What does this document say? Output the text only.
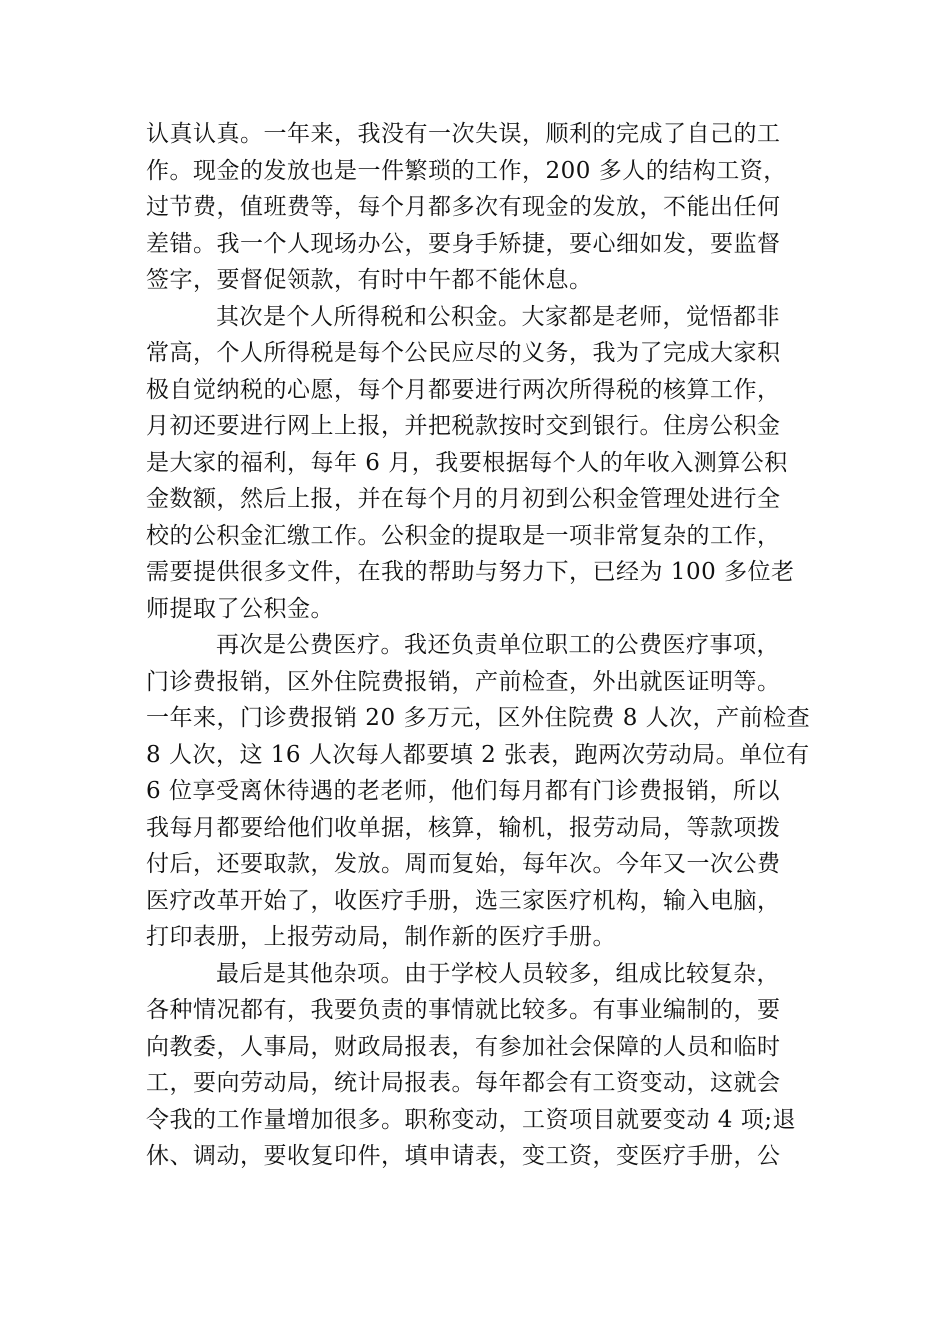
认真认真。一年来，我没有一次失误，顺利的完成了自己的工
作。现金的发放也是一件繁琐的工作，200 多人的结构工资，
过节费，值班费等，每个月都多次有现金的发放，不能出任何
差错。我一个人现场办公，要身手矫捷，要心细如发，要监督
签字，要督促领款，有时中午都不能休息。
其次是个人所得税和公积金。大家都是老师，觉悟都非
常高，个人所得税是每个公民应尽的义务，我为了完成大家积
极自觉纳税的心愿，每个月都要进行两次所得税的核算工作，
月初还要进行网上上报，并把税款按时交到银行。住房公积金
是大家的福利，每年 6 月，我要根据每个人的年收入测算公积
金数额，然后上报，并在每个月的月初到公积金管理处进行全
校的公积金汇缴工作。公积金的提取是一项非常复杂的工作，
需要提供很多文件，在我的帮助与努力下，已经为 100 多位老
师提取了公积金。
再次是公费医疗。我还负责单位职工的公费医疗事项，
门诊费报销，区外住院费报销，产前检查，外出就医证明等。
一年来，门诊费报销 20 多万元，区外住院费 8 人次，产前检查
8 人次，这 16 人次每人都要填 2 张表，跑两次劳动局。单位有
6 位享受离休待遇的老老师，他们每月都有门诊费报销，所以
我每月都要给他们收单据，核算，输机，报劳动局，等款项拨
付后，还要取款，发放。周而复始，每年次。今年又一次公费
医疗改革开始了，收医疗手册，选三家医疗机构，输入电脑，
打印表册，上报劳动局，制作新的医疗手册。
最后是其他杂项。由于学校人员较多，组成比较复杂，
各种情况都有，我要负责的事情就比较多。有事业编制的，要
向教委，人事局，财政局报表，有参加社会保障的人员和临时
工，要向劳动局，统计局报表。每年都会有工资变动，这就会
令我的工作量增加很多。职称变动，工资项目就要变动 4 项;退
休、调动，要收复印件，填申请表，变工资，变医疗手册，公
